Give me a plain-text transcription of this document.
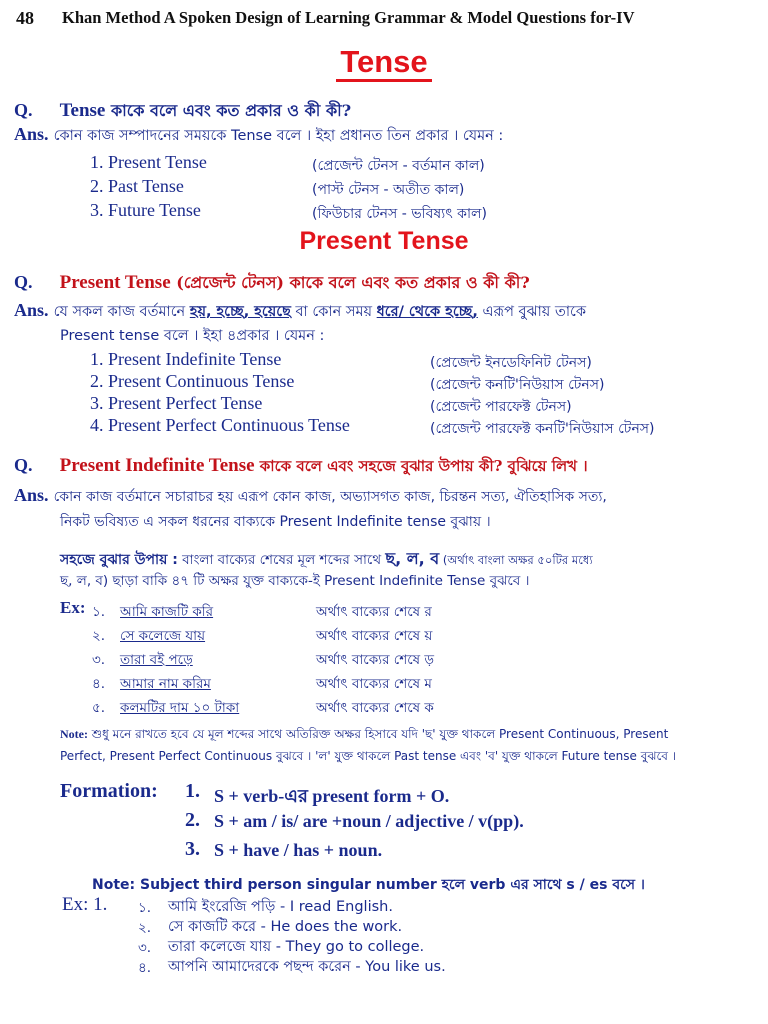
48 Khan Method A Spoken Design of Learning Grammar & Model Questions for-IV
Tense
Q. Tense কাকে বলে এবং কত প্রকার ও কী কী?
Ans. কোন কাজ সম্পাদনের সময়কে Tense বলে । ইহা প্রধানত তিন প্রকার । যেমন :
1. Present Tense	(প্রেজেন্ট টেনস - বর্তমান কাল)
2. Past Tense	(পাস্ট টেনস - অতীত কাল)
3. Future Tense	(ফিউচার টেনস - ভবিষ্যৎ কাল)
Present Tense
Q. Present Tense (প্রেজেন্ট টেনস) কাকে বলে এবং কত প্রকার ও কী কী?
Ans. যে সকল কাজ বর্তমানে হয়, হচ্ছে, হয়েছে বা কোন সময় ধরে/ থেকে হচ্ছে, এরূপ বুঝায় তাকে
Present tense বলে । ইহা ৪প্রকার । যেমন :
1. Present Indefinite Tense	(প্রেজেন্ট ইনডেফিনিট টেনস)
2. Present Continuous Tense	(প্রেজেন্ট কনটি'নিউয়াস টেনস)
3. Present Perfect Tense	(প্রেজেন্ট পারফেক্ট টেনস)
4. Present Perfect Continuous Tense	(প্রেজেন্ট পারফেক্ট কনটি'নিউয়াস টেনস)
Q. Present Indefinite Tense কাকে বলে এবং সহজে বুঝার উপায় কী? বুঝিয়ে লিখ ।
Ans. কোন কাজ বর্তমানে সচারাচর হয় এরূপ কোন কাজ, অভ্যাসগত কাজ, চিরন্তন সত্য, ঐতিহাসিক সত্য,
নিকট ভবিষ্যত এ সকল ধরনের বাক্যকে Present Indefinite tense বুঝায় ।
সহজে বুঝার উপায় : বাংলা বাক্যের শেষের মূল শব্দের সাথে ছ, ল, ব (অর্থাৎ বাংলা অক্ষর ৫০টির মধ্যে
ছ, ল, ব) ছাড়া বাকি ৪৭ টি অক্ষর যুক্ত বাক্যকে-ই Present Indefinite Tense বুঝবে ।
Ex: ১. আমি কাজটি করি	অর্থাৎ বাক্যের শেষে র
২. সে কলেজে যায়	অর্থাৎ বাক্যের শেষে য়
৩. তারা বই পড়ে	অর্থাৎ বাক্যের শেষে ড়
৪. আমার নাম করিম	অর্থাৎ বাক্যের শেষে ম
৫. কলমটির দাম ১০ টাকা	অর্থাৎ বাক্যের শেষে ক
Note: শুধু মনে রাখতে হবে যে মূল শব্দের সাথে অতিরিক্ত অক্ষর হিসাবে যদি 'ছ' যুক্ত থাকলে Present Continuous, Present
Perfect, Present Perfect Continuous বুঝবে । 'ল' যুক্ত থাকলে Past tense এবং 'ব' যুক্ত থাকলে Future tense বুঝবে ।
Formation: 1. S + verb-এর present form + O.
2. S + am / is/ are +noun / adjective / v(pp).
3. S + have / has + noun.
Note: Subject third person singular number হলে verb এর সাথে s / es বসে ।
Ex: 1. ১. আমি ইংরেজি পড়ি - I read English.
২. সে কাজটি করে - He does the work.
৩. তারা কলেজে যায় - They go to college.
৪. আপনি আমাদেরকে পছন্দ করেন - You like us.
